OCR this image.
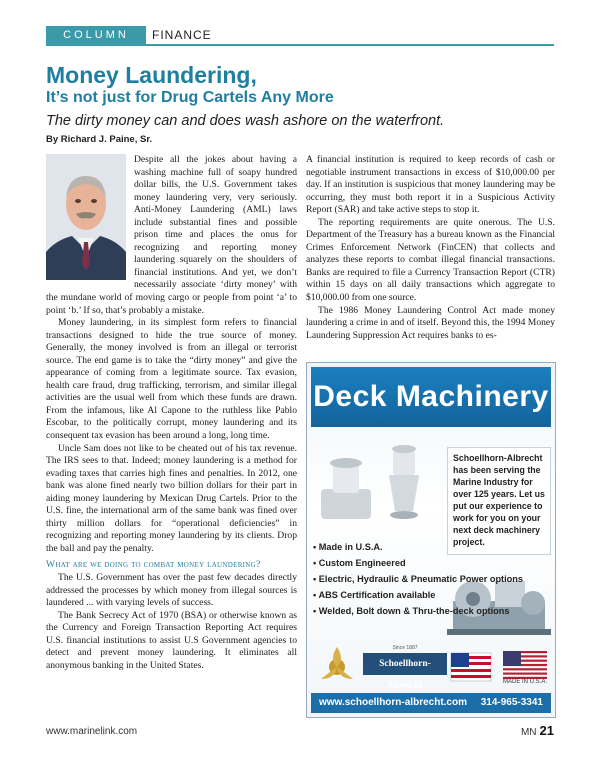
COLUMN	FINANCE
Money Laundering,
It’s not just for Drug Cartels Any More
The dirty money can and does wash ashore on the waterfront.
By Richard J. Paine, Sr.

Despite all the jokes about having a washing machine full of soapy hundred dollar bills, the U.S. Government takes money laundering very, very seriously. Anti-Money Laundering (AML) laws include substantial fines and possible prison time and places the onus for recognizing and reporting money laundering squarely on the shoulders of financial institutions. And yet, we don’t necessarily associate ‘dirty money’ with the mundane world of moving cargo or people from point ‘a’ to point ‘b.’ If so, that’s probably a mistake.

Money laundering, in its simplest form refers to financial transactions designed to hide the true source of money. Generally, the money involved is from an illegal or terrorist source. The end game is to take the “dirty money” and give the appearance of coming from a legitimate source. Tax evasion, health care fraud, drug trafficking, terrorism, and similar illegal activities are the usual well from which these funds are drawn. From the infamous, like Al Capone to the ruthless like Pablo Escobar, to the politically corrupt, money laundering and its consequent tax evasion has been around a long, long time.

Uncle Sam does not like to be cheated out of his tax revenue. The IRS sees to that. Indeed; money laundering is a method for evading taxes that carries high fines and penalties. In 2012, one bank was alone fined nearly two billion dollars for their part in aiding money laundering by Mexican Drug Cartels. Prior to the U.S. fine, the international arm of the same bank was fined over thirty million dollars for “operational deficiencies” in recognizing and reporting money laundering by its clients. Drop the ball and pay the penalty.

What are we doing to combat money laundering?

The U.S. Government has over the past few decades directly addressed the processes by which money from illegal sources is laundered ... with varying levels of success.

The Bank Secrecy Act of 1970 (BSA) or otherwise known as the Currency and Foreign Transaction Reporting Act requires U.S. financial institutions to assist U.S Government agencies to detect and prevent money laundering. It eliminates all anonymous banking in the United States.

A financial institution is required to keep records of cash or negotiable instrument transactions in excess of $10,000.00 per day. If an institution is suspicious that money laundering may be occurring, they must both report it in a Suspicious Activity Report (SAR) and take active steps to stop it.

The reporting requirements are quite onerous. The U.S. Department of the Treasury has a bureau known as the Financial Crimes Enforcement Network (FinCEN) that collects and analyzes these reports to combat illegal financial transactions. Banks are required to file a Currency Transaction Report (CTR) within 15 days on all daily transactions which aggregate to $10,000.00 from one source.

The 1986 Money Laundering Control Act made money laundering a crime in and of itself. Beyond this, the 1994 Money Laundering Suppression Act requires banks to es-

Deck Machinery
Schoellhorn-Albrecht has been serving the Marine Industry for over 125 years. Let us put our experience to work for you on your next deck machinery project.
• Made in U.S.A.
• Custom Engineered
• Electric, Hydraulic & Pneumatic Power options
• ABS Certification available
• Welded, Bolt down & Thru-the-deck options
Since 1887
Schoellhorn-Albrecht	MADE IN U.S.A.
www.schoellhorn-albrecht.com 314-965-3341
www.marinelink.com	MN 21
